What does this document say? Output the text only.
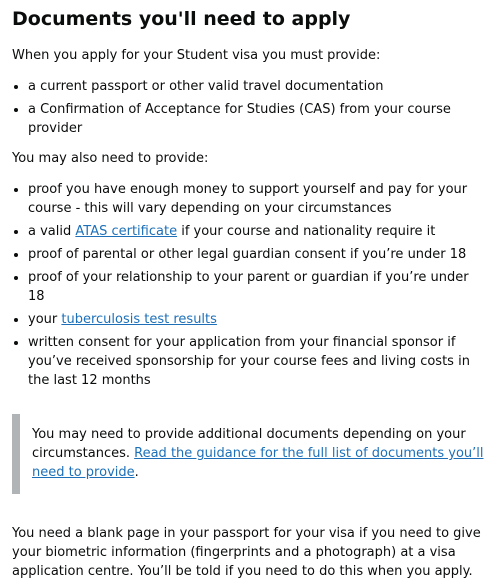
Documents you'll need to apply

When you apply for your Student visa you must provide:

• a current passport or other valid travel documentation
• a Confirmation of Acceptance for Studies (CAS) from your course provider

You may also need to provide:

• proof you have enough money to support yourself and pay for your course - this will vary depending on your circumstances
• a valid ATAS certificate if your course and nationality require it
• proof of parental or other legal guardian consent if you’re under 18
• proof of your relationship to your parent or guardian if you’re under 18
• your tuberculosis test results
• written consent for your application from your financial sponsor if you’ve received sponsorship for your course fees and living costs in the last 12 months

You may need to provide additional documents depending on your circumstances. Read the guidance for the full list of documents you’ll need to provide.

You need a blank page in your passport for your visa if you need to give your biometric information (fingerprints and a photograph) at a visa application centre. You’ll be told if you need to do this when you apply.
